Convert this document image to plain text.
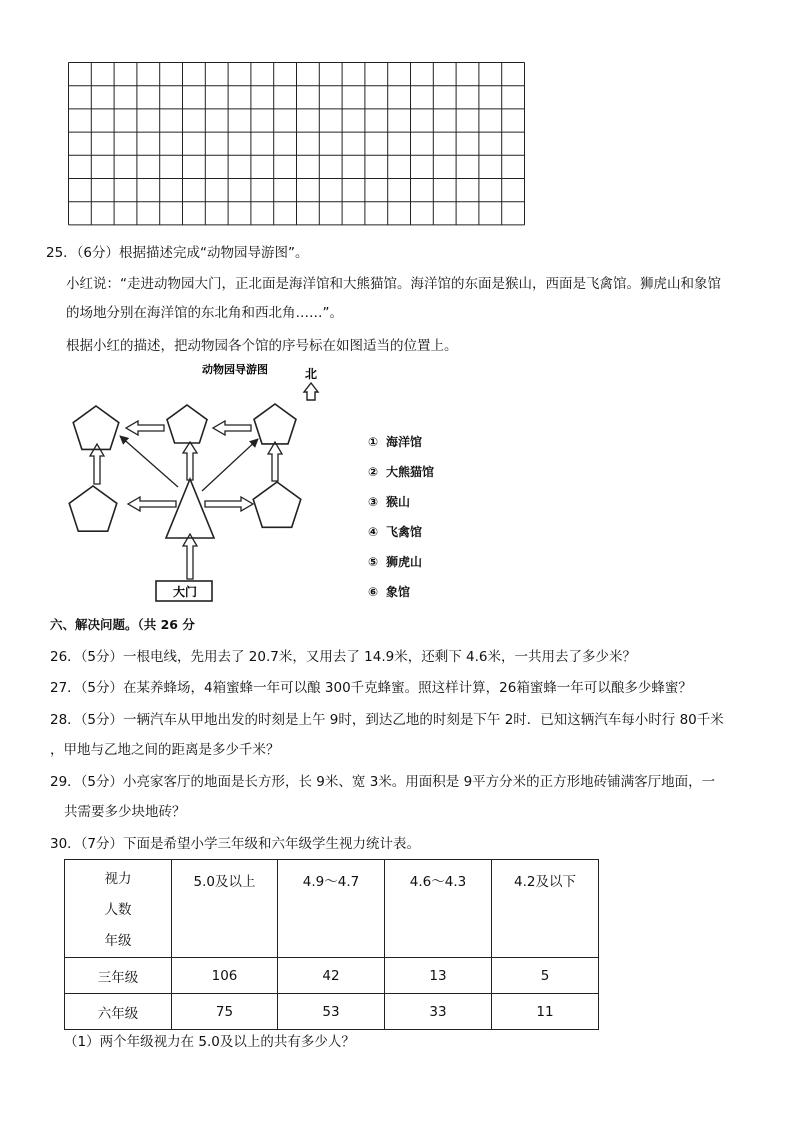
25．（6分）根据描述完成“动物园导游图”。
小红说：“走进动物园大门，正北面是海洋馆和大熊猫馆。海洋馆的东面是猴山，西面是飞禽馆。狮虎山和象馆
的场地分别在海洋馆的东北角和西北角……”。
根据小红的描述，把动物园各个馆的序号标在如图适当的位置上。
动物园导游图	北
大门
① 海洋馆
② 大熊猫馆
③ 猴山
④ 飞禽馆
⑤ 狮虎山
⑥ 象馆
六、解决问题。（共 26 分
26．（5分）一根电线，先用去了 20.7米，又用去了 14.9米，还剩下 4.6米，一共用去了多少米？
27．（5分）在某养蜂场，4箱蜜蜂一年可以酿 300千克蜂蜜。照这样计算，26箱蜜蜂一年可以酿多少蜂蜜？
28．（5分）一辆汽车从甲地出发的时刻是上午 9时，到达乙地的时刻是下午 2时．已知这辆汽车每小时行 80千米
，甲地与乙地之间的距离是多少千米？
29．（5分）小亮家客厅的地面是长方形，长 9米、宽 3米。用面积是 9平方分米的正方形地砖铺满客厅地面，一
共需要多少块地砖？
30．（7分）下面是希望小学三年级和六年级学生视力统计表。
视力
人数
年级	5.0及以上	4.9～4.7	4.6～4.3	4.2及以下

三年级	106	42	13	5
六年级	75	53	33	11
（1）两个年级视力在 5.0及以上的共有多少人？
